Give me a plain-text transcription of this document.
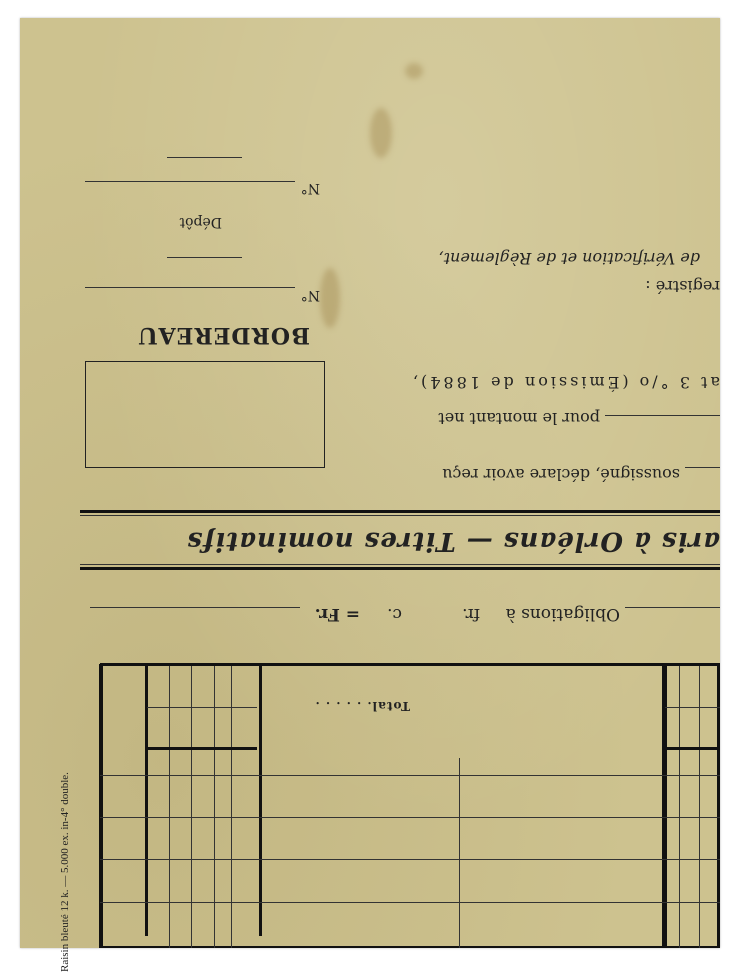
Total. . . . . .
Obligations à
fr.
c.
= Fr.
aris à Orléans — Titres nominatifs
soussigné, déclare avoir reçu
pour le montant net
at 3 °/o (Émission de 1884),
de Vérification et de Règlement,
registré :
BORDEREAU
N°
Dépôt
N°
Raisin bleuté 12 k. — 5.000 ex. in-4° double.
